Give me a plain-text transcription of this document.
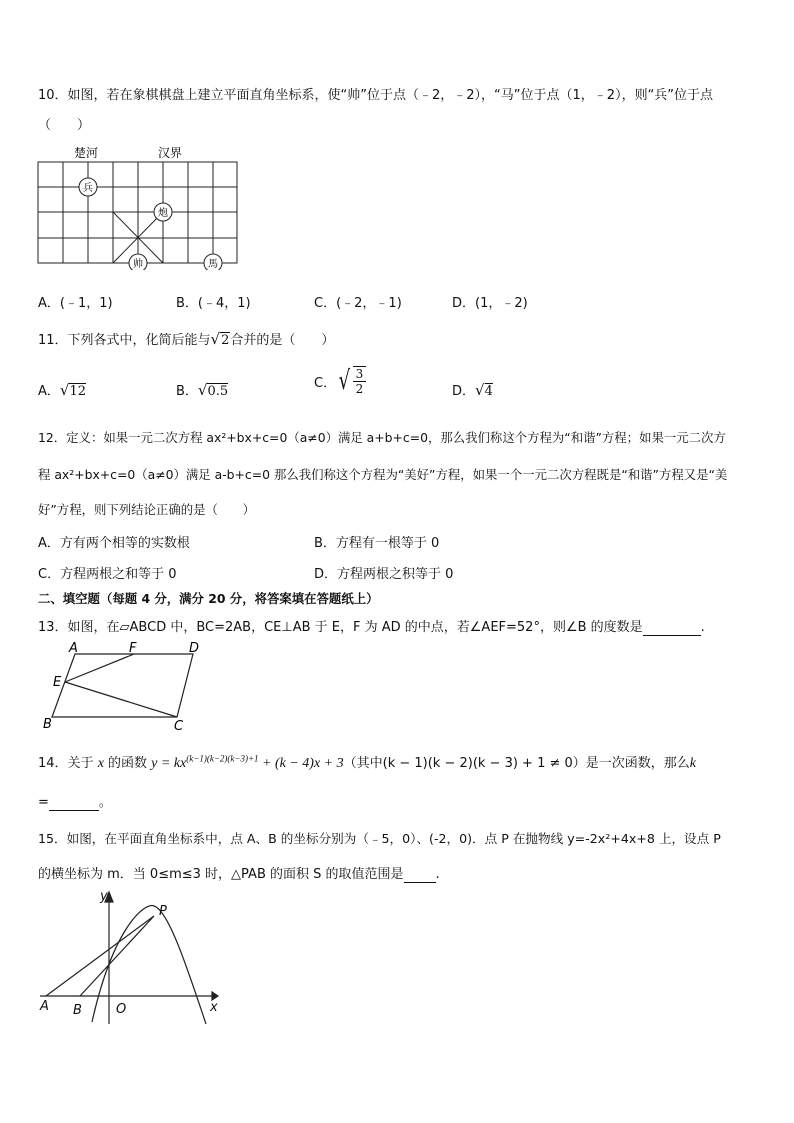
10．如图，若在象棋棋盘上建立平面直角坐标系，使“帅”位于点（﹣2，﹣2），“马”位于点（1，﹣2），则“兵”位于点
（　　）
楚河	汉界
兵
炮
帅	馬
A．(﹣1，1)	B．(﹣4，1)	C．(﹣2，﹣1)	D．(1，﹣2)
11．下列各式中，化简后能与√2合并的是（　　）
A．√12	B．√0.5
C．√ $\frac{3}{2}$	D．√4
12．定义：如果一元二次方程 ax²+bx+c=0（a≠0）满足 a+b+c=0，那么我们称这个方程为“和谐”方程；如果一元二次方
程 ax²+bx+c=0（a≠0）满足 a-b+c=0 那么我们称这个方程为“美好”方程，如果一个一元二次方程既是“和谐”方程又是“美
好”方程，则下列结论正确的是（　　）
A．方有两个相等的实数根	B．方程有一根等于 0
C．方程两根之和等于 0	D．方程两根之积等于 0
二、填空题（每题 4 分，满分 20 分，将答案填在答题纸上）
13．如图，在▱ABCD 中，BC=2AB，CE⊥AB 于 E，F 为 AD 的中点，若∠AEF=52°，则∠B 的度数是	.
A	F	D
E
B	C
14．关于 x 的函数 $y = kx^{(k-1)(k-2)(k-3)+1} + (k - 4)x + 3$（其中(k − 1)(k − 2)(k − 3) + 1 ≠ 0）是一次函数，那么k
=	。
15．如图，在平面直角坐标系中，点 A、B 的坐标分别为（﹣5，0）、(-2，0)．点 P 在抛物线 y=-2x²+4x+8 上，设点 P
的横坐标为 m．当 0≤m≤3 时，△PAB 的面积 S 的取值范围是 .
y
x
P
A B	O
